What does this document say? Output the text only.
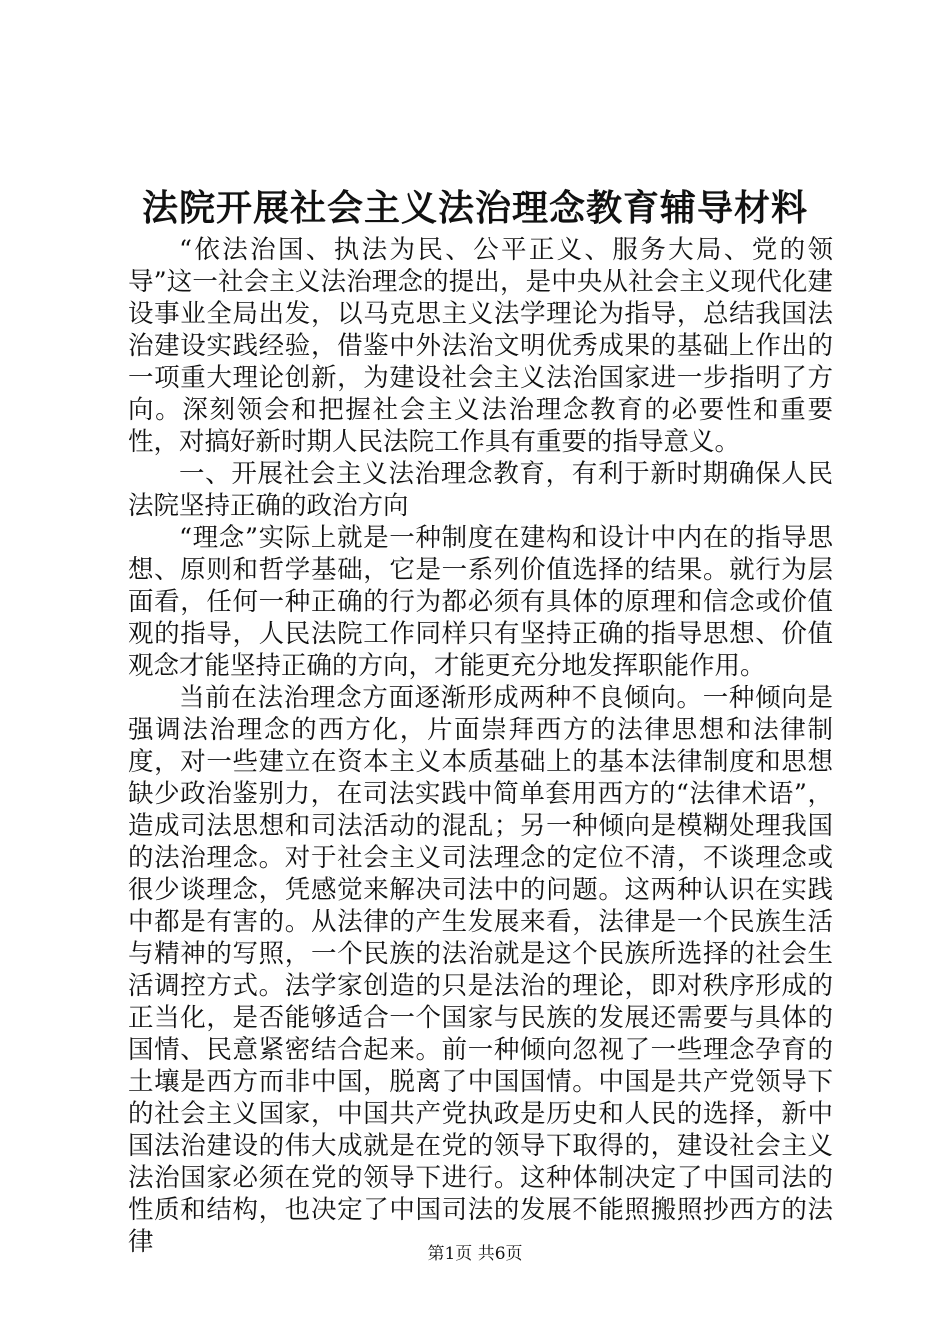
法院开展社会主义法治理念教育辅导材料

“依法治国、执法为民、公平正义、服务大局、党的领导”这一社会主义法治理念的提出，是中央从社会主义现代化建设事业全局出发，以马克思主义法学理论为指导，总结我国法治建设实践经验，借鉴中外法治文明优秀成果的基础上作出的一项重大理论创新，为建设社会主义法治国家进一步指明了方向。深刻领会和把握社会主义法治理念教育的必要性和重要性，对搞好新时期人民法院工作具有重要的指导意义。

一、开展社会主义法治理念教育，有利于新时期确保人民法院坚持正确的政治方向

“理念”实际上就是一种制度在建构和设计中内在的指导思想、原则和哲学基础，它是一系列价值选择的结果。就行为层面看，任何一种正确的行为都必须有具体的原理和信念或价值观的指导，人民法院工作同样只有坚持正确的指导思想、价值观念才能坚持正确的方向，才能更充分地发挥职能作用。

当前在法治理念方面逐渐形成两种不良倾向。一种倾向是强调法治理念的西方化，片面崇拜西方的法律思想和法律制度，对一些建立在资本主义本质基础上的基本法律制度和思想缺少政治鉴别力，在司法实践中简单套用西方的“法律术语”，造成司法思想和司法活动的混乱；另一种倾向是模糊处理我国的法治理念。对于社会主义司法理念的定位不清，不谈理念或很少谈理念，凭感觉来解决司法中的问题。这两种认识在实践中都是有害的。从法律的产生发展来看，法律是一个民族生活与精神的写照，一个民族的法治就是这个民族所选择的社会生活调控方式。法学家创造的只是法治的理论，即对秩序形成的正当化，是否能够适合一个国家与民族的发展还需要与具体的国情、民意紧密结合起来。前一种倾向忽视了一些理念孕育的土壤是西方而非中国，脱离了中国国情。中国是共产党领导下的社会主义国家，中国共产党执政是历史和人民的选择，新中国法治建设的伟大成就是在党的领导下取得的，建设社会主义法治国家必须在党的领导下进行。这种体制决定了中国司法的性质和结构，也决定了中国司法的发展不能照搬照抄西方的法律	第1页 共6页
